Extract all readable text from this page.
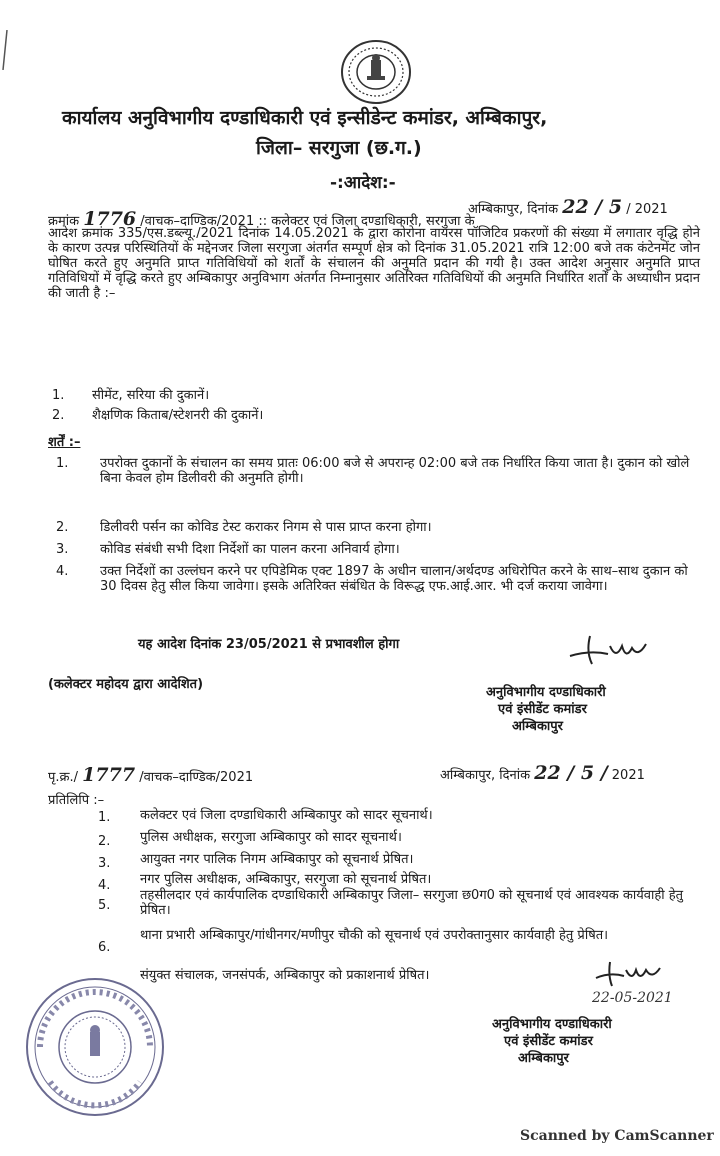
कार्यालय अनुविभागीय दण्डाधिकारी एवं इन्सीडेन्ट कमांडर, अम्बिकापुर,
जिला– सरगुजा (छ.ग.)
-:आदेश:-
अम्बिकापुर, दिनांक 22 / 5 / 2021
क्रमांक 1776 /वाचक–दाण्डिक/2021 :: कलेक्टर एवं जिला दण्डाधिकारी, सरगुजा के
आदेश क्रमांक 335/एस.डब्ल्यू./2021 दिनांक 14.05.2021 के द्वारा कोरोना वायरस पॉजिटिव प्रकरणों की संख्या में लगातार वृद्धि होने के कारण उत्पन्न परिस्थितियों के मद्देनजर जिला सरगुजा अंतर्गत सम्पूर्ण क्षेत्र को दिनांक 31.05.2021 रात्रि 12:00 बजे तक कंटेनमेंट जोन घोषित करते हुए अनुमति प्राप्त गतिविधियों को शर्तों के संचालन की अनुमति प्रदान की गयी है। उक्त आदेश अनुसार अनुमति प्राप्त गतिविधियों में वृद्धि करते हुए अम्बिकापुर अनुविभाग अंतर्गत निम्नानुसार अतिरिक्त गतिविधियों की अनुमति निर्धारित शर्तों के अध्याधीन प्रदान की जाती है :–
1. सीमेंट, सरिया की दुकानें।
2. शैक्षणिक किताब/स्टेशनरी की दुकानें।
शर्तें :–
1. उपरोक्त दुकानों के संचालन का समय प्रातः 06:00 बजे से अपरान्ह 02:00 बजे तक निर्धारित किया जाता है। दुकान को खोले बिना केवल होम डिलीवरी की अनुमति होगी।
2. डिलीवरी पर्सन का कोविड टेस्ट कराकर निगम से पास प्राप्त करना होगा।
3. कोविड संबंधी सभी दिशा निर्देशों का पालन करना अनिवार्य होगा।
4. उक्त निर्देशों का उल्लंघन करने पर एपिडेमिक एक्ट 1897 के अधीन चालान/अर्थदण्ड अधिरोपित करने के साथ–साथ दुकान को 30 दिवस हेतु सील किया जावेगा। इसके अतिरिक्त संबंधित के विरूद्ध एफ.आई.आर. भी दर्ज कराया जावेगा।
यह आदेश दिनांक 23/05/2021 से प्रभावशील होगा
(कलेक्टर महोदय द्वारा आदेशित)
अनुविभागीय दण्डाधिकारी
एवं इंसीडेंट कमांडर
अम्बिकापुर
पृ.क्र./ 1777 /वाचक–दाण्डिक/2021	अम्बिकापुर, दिनांक 22 / 5 / 2021
प्रतिलिपि :–
1. कलेक्टर एवं जिला दण्डाधिकारी अम्बिकापुर को सादर सूचनार्थ।
2. पुलिस अधीक्षक, सरगुजा अम्बिकापुर को सादर सूचनार्थ।
3. आयुक्त नगर पालिक निगम अम्बिकापुर को सूचनार्थ प्रेषित।
4. नगर पुलिस अधीक्षक, अम्बिकापुर, सरगुजा को सूचनार्थ प्रेषित।
5.
तहसीलदार एवं कार्यपालिक दण्डाधिकारी अम्बिकापुर जिला– सरगुजा छ0ग0 को सूचनार्थ एवं आवश्यक कार्यवाही हेतु प्रेषित।
6.
थाना प्रभारी अम्बिकापुर/गांधीनगर/मणीपुर चौकी को सूचनार्थ एवं उपरोक्तानुसार कार्यवाही हेतु प्रेषित।
संयुक्त संचालक, जनसंपर्क, अम्बिकापुर को प्रकाशनार्थ प्रेषित।
22-05-2021
अनुविभागीय दण्डाधिकारी
एवं इंसीडेंट कमांडर
अम्बिकापुर
Scanned by CamScanner
